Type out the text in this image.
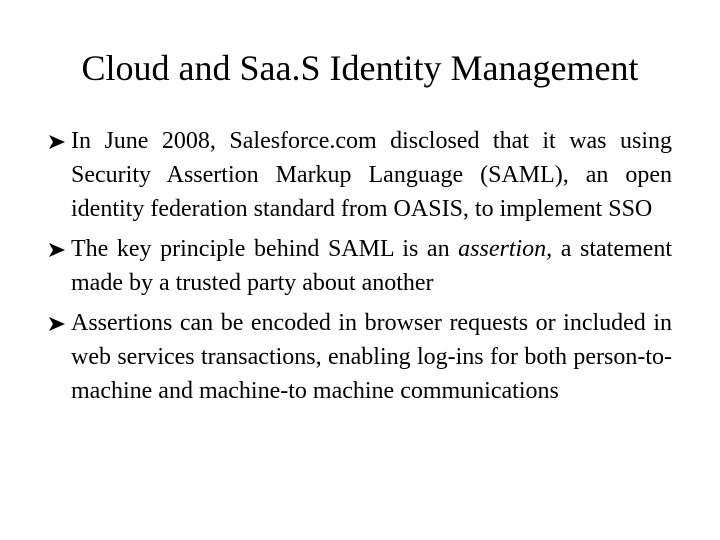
Cloud and Saa.S Identity Management
In June 2008, Salesforce.com disclosed that it was using Security Assertion Markup Language (SAML), an open identity federation standard from OASIS, to implement SSO
The key principle behind SAML is an assertion, a statement made by a trusted party about another
Assertions can be encoded in browser requests or included in web services transactions, enabling log-ins for both person-to-machine and machine-to machine communications
